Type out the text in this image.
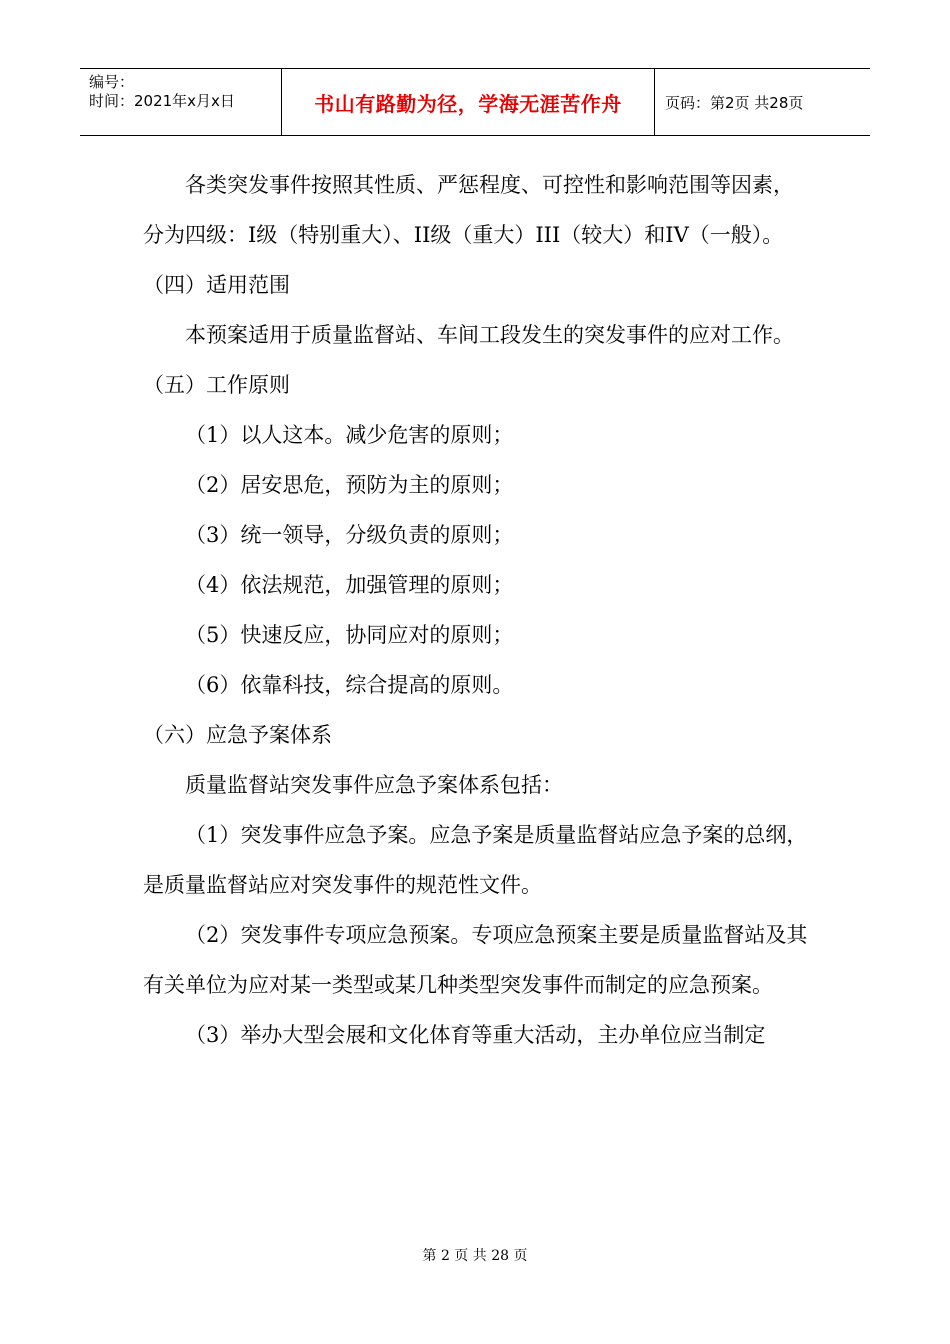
编号：
时间：2021年x月x日	书山有路勤为径，学海无涯苦作舟	页码：第2页 共28页

各类突发事件按照其性质、严惩程度、可控性和影响范围等因素，分为四级：I级（特别重大）、II级（重大）III（较大）和IV（一般）。

（四）适用范围

本预案适用于质量监督站、车间工段发生的突发事件的应对工作。

（五）工作原则

（1）以人这本。减少危害的原则；

（2）居安思危，预防为主的原则；

（3）统一领导，分级负责的原则；

（4）依法规范，加强管理的原则；

（5）快速反应，协同应对的原则；

（6）依靠科技，综合提高的原则。

（六）应急予案体系

质量监督站突发事件应急予案体系包括：

（1）突发事件应急予案。应急予案是质量监督站应急予案的总纲，是质量监督站应对突发事件的规范性文件。

（2）突发事件专项应急预案。专项应急预案主要是质量监督站及其有关单位为应对某一类型或某几种类型突发事件而制定的应急预案。

（3）举办大型会展和文化体育等重大活动，主办单位应当制定

第 2 页 共 28 页
